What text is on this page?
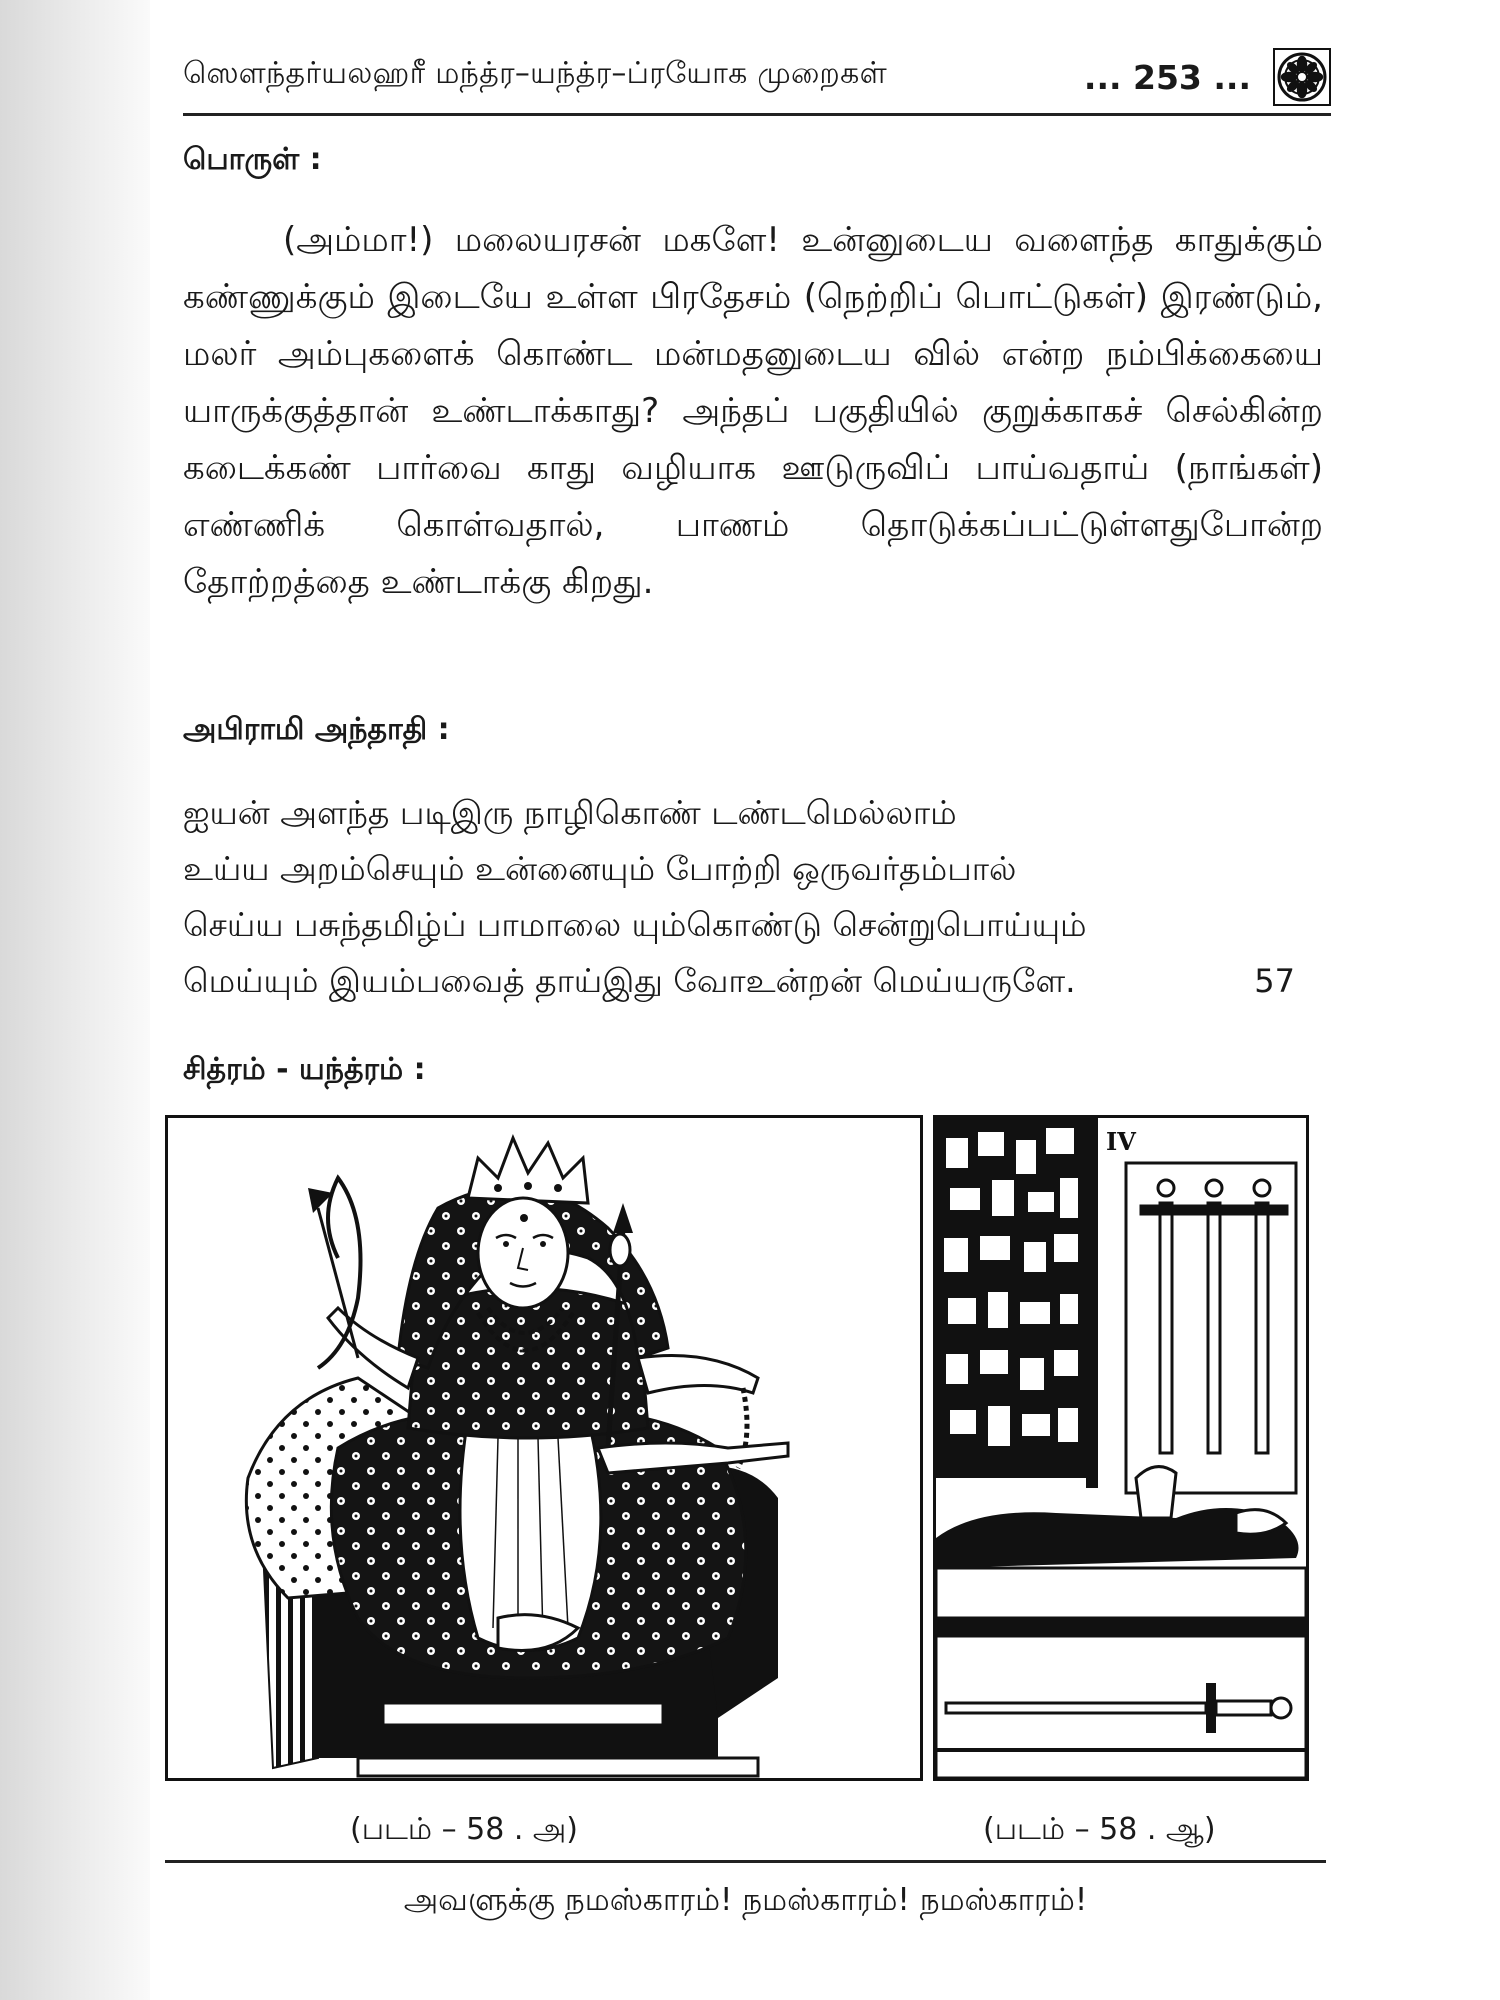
ஸௌந்தர்யலஹரீ மந்த்ர–யந்த்ர–ப்ரயோக முறைகள்	... 253 ...
பொருள் :

(அம்மா!) மலையரசன் மகளே! உன்னுடைய வளைந்த காதுக்கும் கண்ணுக்கும் இடையே உள்ள பிரதேசம் (நெற்றிப் பொட்டுகள்) இரண்டும், மலர் அம்புகளைக் கொண்ட மன்மதனுடைய வில் என்ற நம்பிக்கையை யாருக்குத்தான் உண்டாக்காது? அந்தப் பகுதியில் குறுக்காகச் செல்கின்ற கடைக்கண் பார்வை காது வழியாக ஊடுருவிப் பாய்வதாய் (நாங்கள்) எண்ணிக் கொள்வதால், பாணம் தொடுக்கப்பட்டுள்ளதுபோன்ற தோற்றத்தை உண்டாக்கு கிறது.

அபிராமி அந்தாதி :
ஐயன் அளந்த படிஇரு நாழிகொண் டண்டமெல்லாம்
உய்ய அறம்செயும் உன்னையும் போற்றி ஒருவர்தம்பால்
செய்ய பசுந்தமிழ்ப் பாமாலை யும்கொண்டு சென்றுபொய்யும்
மெய்யும் இயம்பவைத் தாய்இது வோஉன்றன் மெய்யருளே.	57
சித்ரம் - யந்த்ரம் :
IV
(படம் – 58 . அ)	(படம் – 58 . ஆ)
அவளுக்கு நமஸ்காரம்! நமஸ்காரம்! நமஸ்காரம்!
